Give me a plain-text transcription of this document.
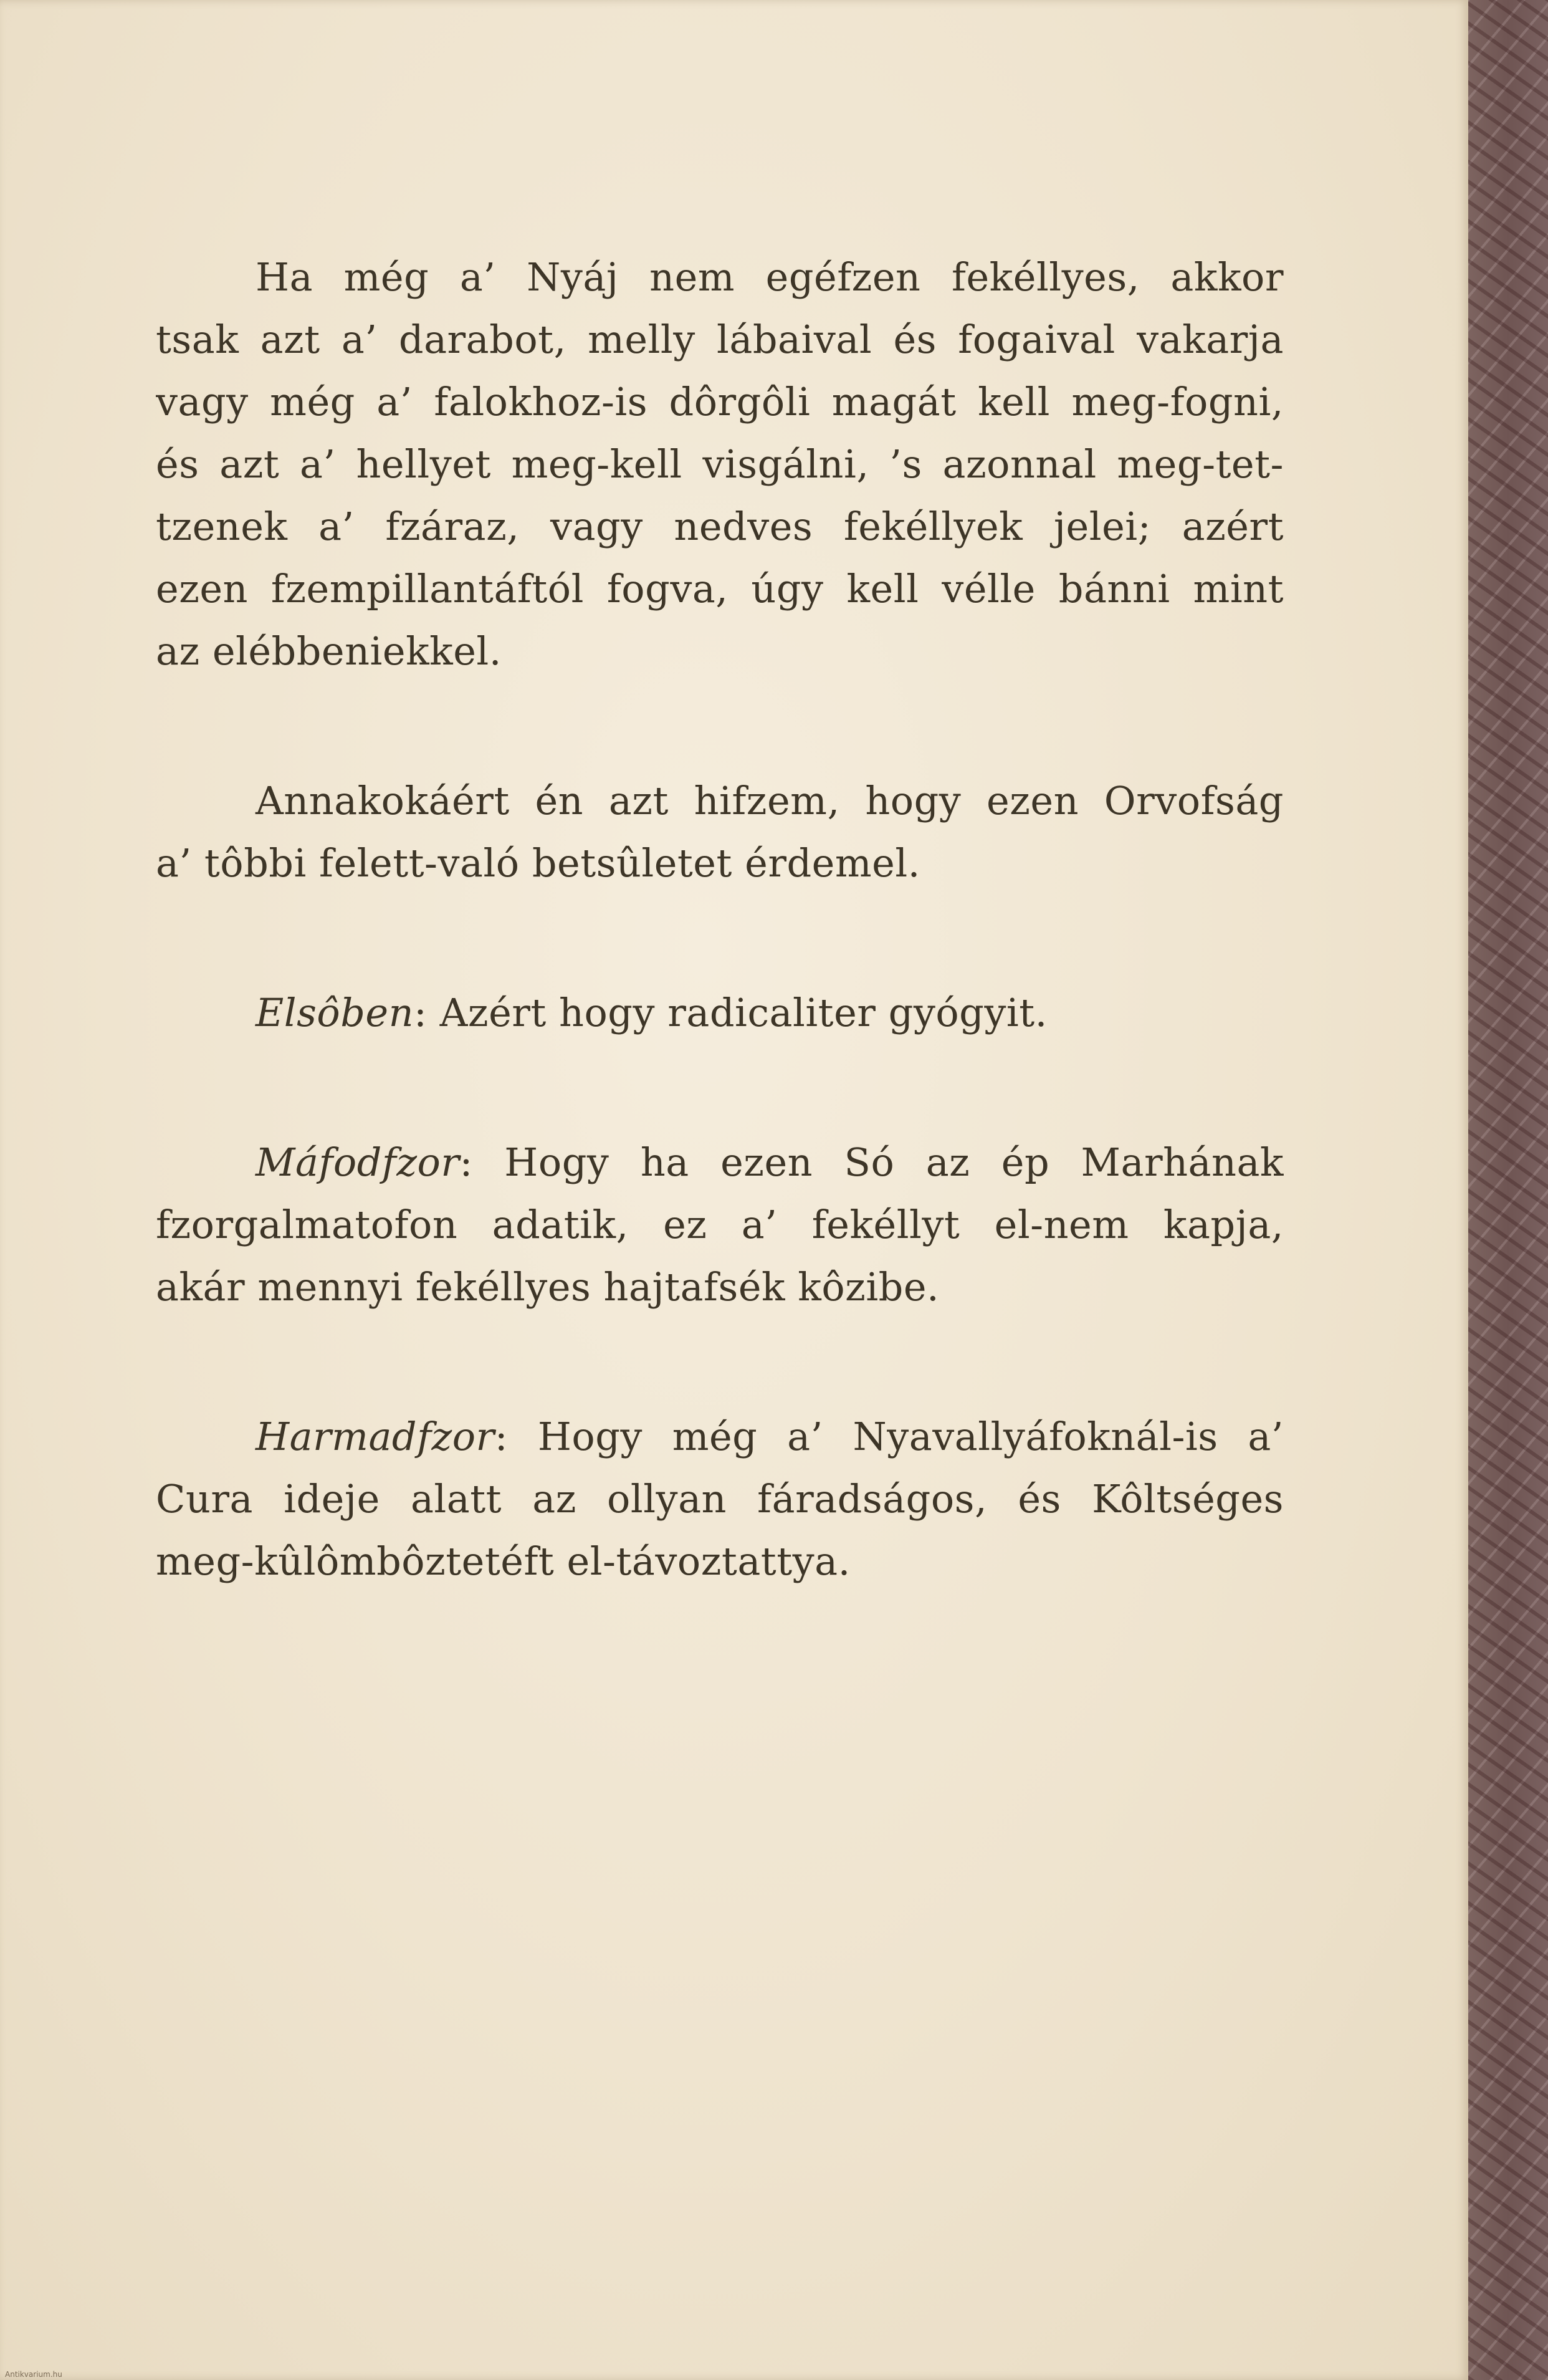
Ha még a’ Nyáj nem egéfzen fekéllyes, akkor
tsak azt a’ darabot, melly lábaival és fogaival vakarja
vagy még a’ falokhoz-is dôrgôli magát kell meg-fogni,
és azt a’ hellyet meg-kell visgálni, ’s azonnal meg-tet-
tzenek a’ fzáraz, vagy nedves fekéllyek jelei; azért
ezen fzempillantáftól fogva, úgy kell vélle bánni mint
az elébbeniekkel.

Annakokáért én azt hifzem, hogy ezen Orvofság
a’ tôbbi felett-való betsûletet érdemel.

Elsôben: Azért hogy radicaliter gyógyit.

Máfodfzor: Hogy ha ezen Só az ép Marhának
fzorgalmatofon adatik, ez a’ fekéllyt el-nem kapja,
akár mennyi fekéllyes hajtafsék kôzibe.

Harmadfzor: Hogy még a’ Nyavallyáfoknál-is a’
Cura ideje alatt az ollyan fáradságos, és Kôltséges
meg-kûlômbôztetéft el-távoztattya.

Antikvarium.hu
